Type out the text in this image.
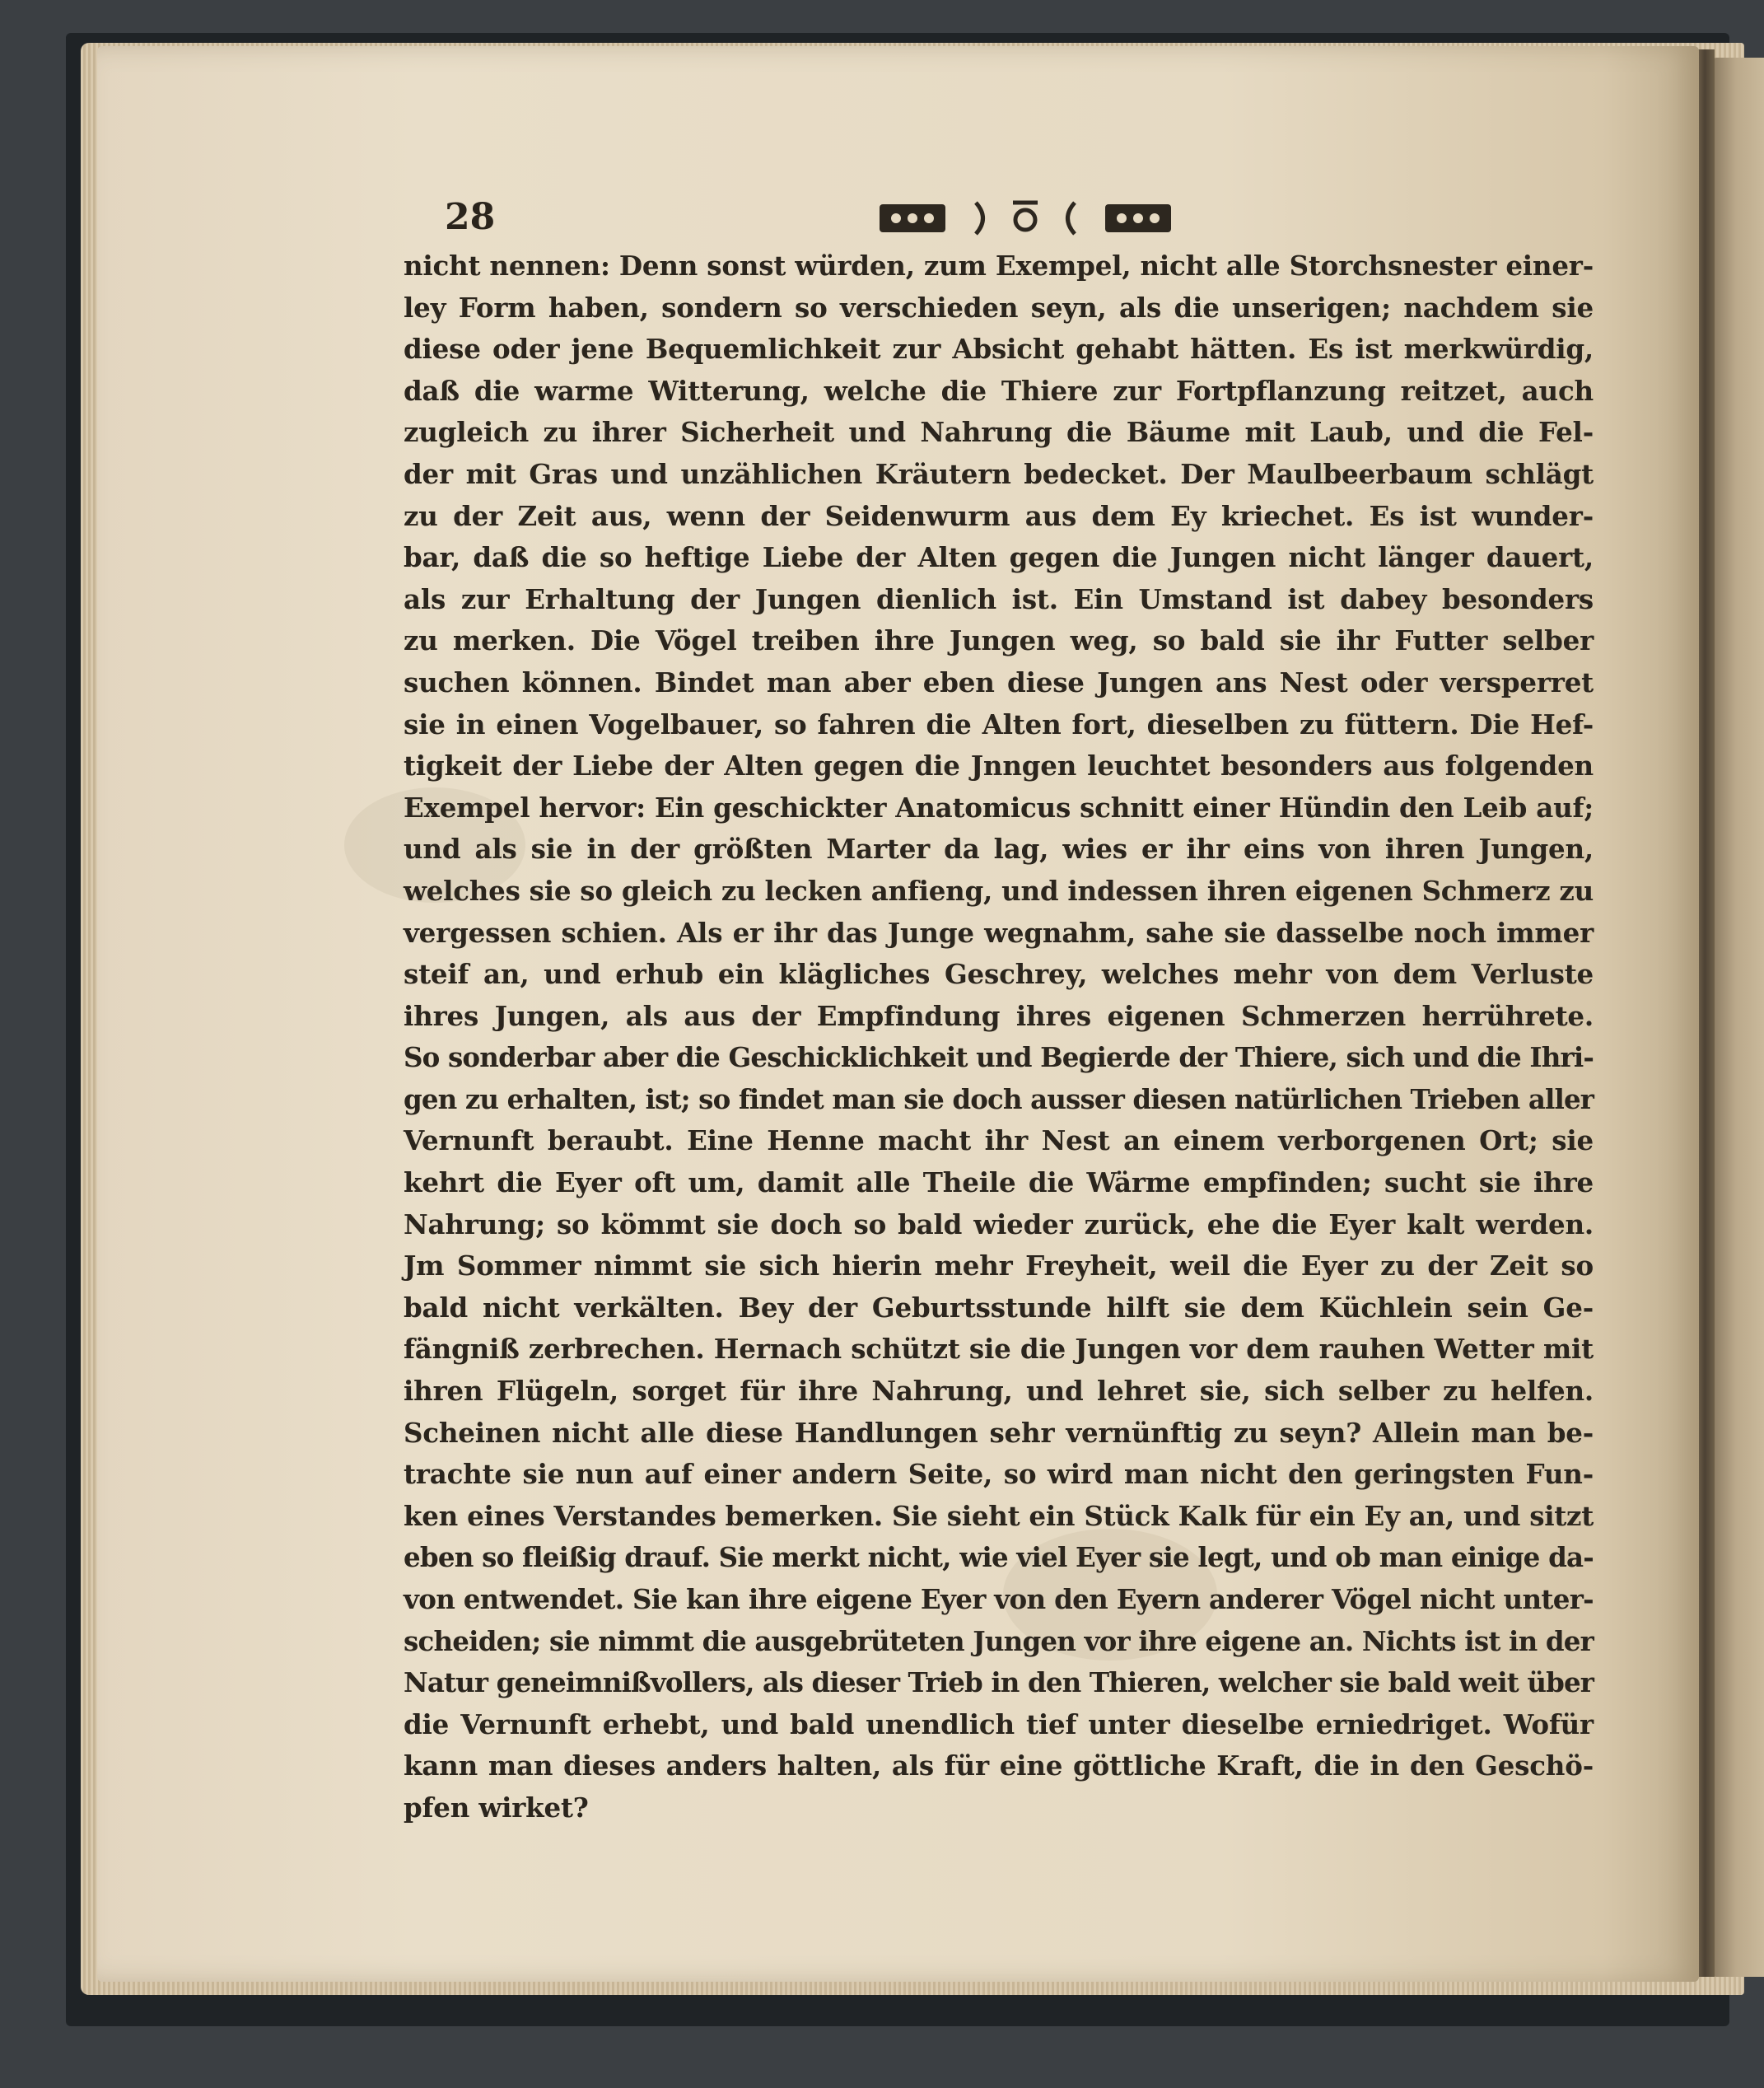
28
nicht nennen: Denn sonst würden, zum Exempel, nicht alle Storchsnester einer-
ley Form haben, sondern so verschieden seyn, als die unserigen; nachdem sie
diese oder jene Bequemlichkeit zur Absicht gehabt hätten. Es ist merkwürdig,
daß die warme Witterung, welche die Thiere zur Fortpflanzung reitzet, auch
zugleich zu ihrer Sicherheit und Nahrung die Bäume mit Laub, und die Fel-
der mit Gras und unzählichen Kräutern bedecket. Der Maulbeerbaum schlägt
zu der Zeit aus, wenn der Seidenwurm aus dem Ey kriechet. Es ist wunder-
bar, daß die so heftige Liebe der Alten gegen die Jungen nicht länger dauert,
als zur Erhaltung der Jungen dienlich ist. Ein Umstand ist dabey besonders
zu merken. Die Vögel treiben ihre Jungen weg, so bald sie ihr Futter selber
suchen können. Bindet man aber eben diese Jungen ans Nest oder versperret
sie in einen Vogelbauer, so fahren die Alten fort, dieselben zu füttern. Die Hef-
tigkeit der Liebe der Alten gegen die Jnngen leuchtet besonders aus folgenden
Exempel hervor: Ein geschickter Anatomicus schnitt einer Hündin den Leib auf;
und als sie in der größten Marter da lag, wies er ihr eins von ihren Jungen,
welches sie so gleich zu lecken anfieng, und indessen ihren eigenen Schmerz zu
vergessen schien. Als er ihr das Junge wegnahm, sahe sie dasselbe noch immer
steif an, und erhub ein klägliches Geschrey, welches mehr von dem Verluste
ihres Jungen, als aus der Empfindung ihres eigenen Schmerzen herrührete.
So sonderbar aber die Geschicklichkeit und Begierde der Thiere, sich und die Ihri-
gen zu erhalten, ist; so findet man sie doch ausser diesen natürlichen Trieben aller
Vernunft beraubt. Eine Henne macht ihr Nest an einem verborgenen Ort; sie
kehrt die Eyer oft um, damit alle Theile die Wärme empfinden; sucht sie ihre
Nahrung; so kömmt sie doch so bald wieder zurück, ehe die Eyer kalt werden.
Jm Sommer nimmt sie sich hierin mehr Freyheit, weil die Eyer zu der Zeit so
bald nicht verkälten. Bey der Geburtsstunde hilft sie dem Küchlein sein Ge-
fängniß zerbrechen. Hernach schützt sie die Jungen vor dem rauhen Wetter mit
ihren Flügeln, sorget für ihre Nahrung, und lehret sie, sich selber zu helfen.
Scheinen nicht alle diese Handlungen sehr vernünftig zu seyn? Allein man be-
trachte sie nun auf einer andern Seite, so wird man nicht den geringsten Fun-
ken eines Verstandes bemerken. Sie sieht ein Stück Kalk für ein Ey an, und sitzt
eben so fleißig drauf. Sie merkt nicht, wie viel Eyer sie legt, und ob man einige da-
von entwendet. Sie kan ihre eigene Eyer von den Eyern anderer Vögel nicht unter-
scheiden; sie nimmt die ausgebrüteten Jungen vor ihre eigene an. Nichts ist in der
Natur geneimnißvollers, als dieser Trieb in den Thieren, welcher sie bald weit über
die Vernunft erhebt, und bald unendlich tief unter dieselbe erniedriget. Wofür
kann man dieses anders halten, als für eine göttliche Kraft, die in den Geschö-
pfen wirket?
